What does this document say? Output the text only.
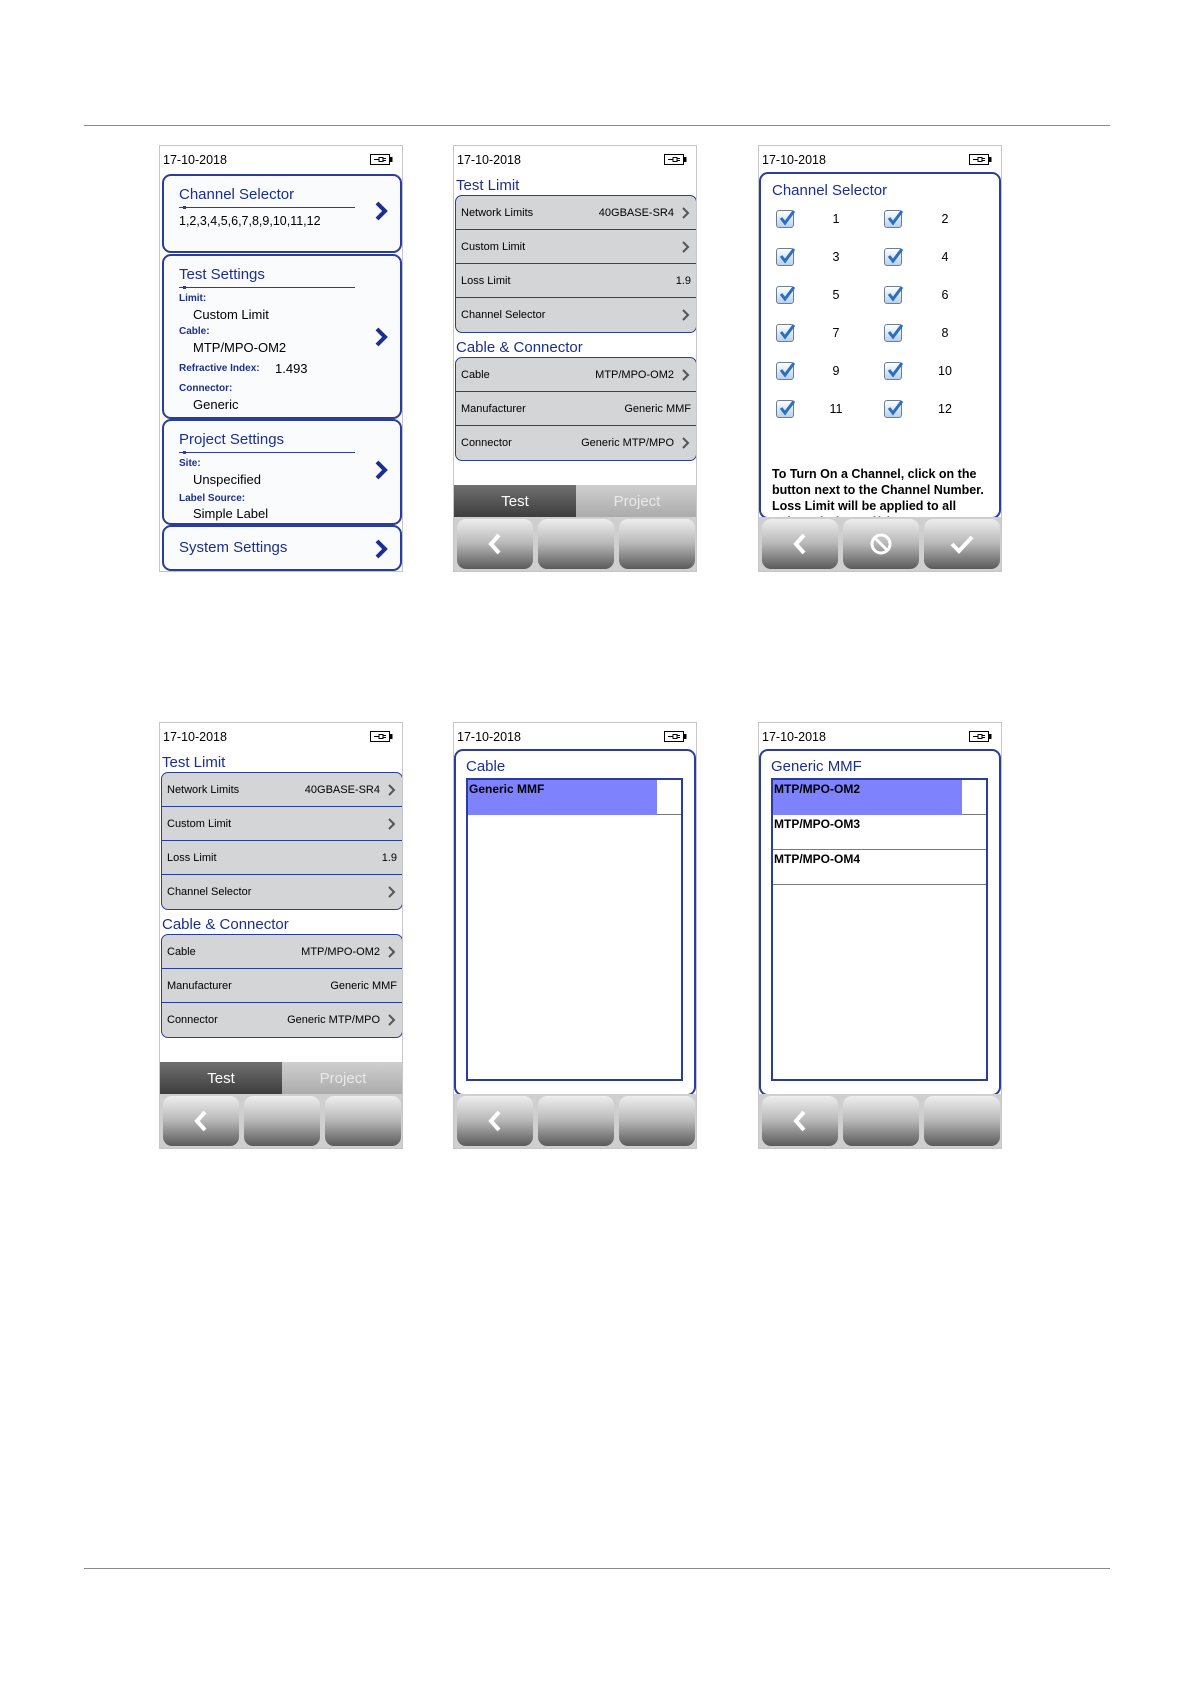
17-10-2018
Channel Selector
1,2,3,4,5,6,7,8,9,10,11,12
Test Settings
Limit:
Custom Limit
Cable:
MTP/MPO-OM2
Refractive Index: 1.493
Connector:
Generic
Project Settings
Site:
Unspecified
Label Source:
Simple Label
System Settings
17-10-2018
Test Limit
Network Limits	40GBASE-SR4
Custom Limit
Loss Limit	1.9
Channel Selector
Cable & Connector
Cable	MTP/MPO-OM2
Manufacturer	Generic MMF
Connector	Generic MTP/MPO
Test	Project
17-10-2018
Channel Selector
1	2
3	4
5	6
7	8
9	10
11	12
To Turn On a Channel, click on the button next to the Channel Number. Loss Limit will be applied to all
17-10-2018
Test Limit
Network Limits	40GBASE-SR4
Custom Limit
Loss Limit	1.9
Channel Selector
Cable & Connector
Cable	MTP/MPO-OM2
Manufacturer	Generic MMF
Connector	Generic MTP/MPO
Test	Project
17-10-2018
Cable
Generic MMF
17-10-2018
Generic MMF
MTP/MPO-OM2
MTP/MPO-OM3
MTP/MPO-OM4
